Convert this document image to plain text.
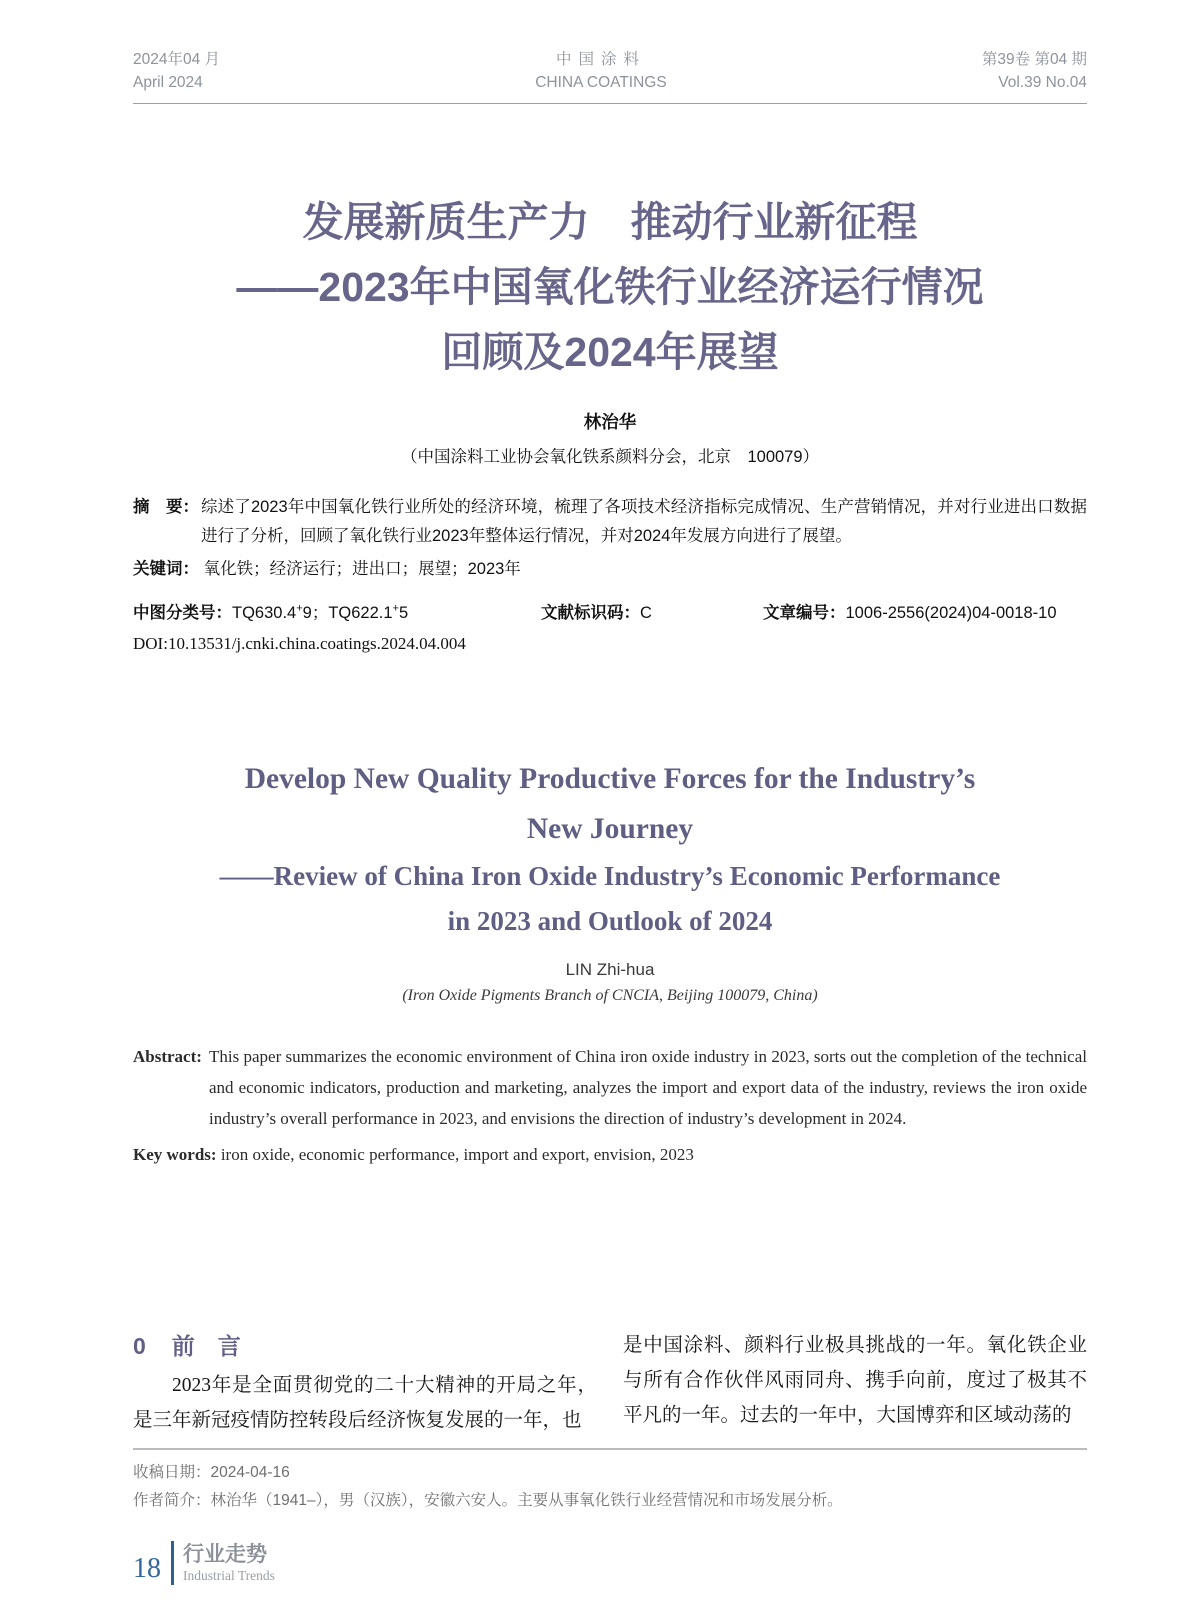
2024年04 月
April 2024
中国涂料
CHINA COATINGS
第39卷 第04 期
Vol.39 No.04
发展新质生产力　推动行业新征程
——2023年中国氧化铁行业经济运行情况
回顾及2024年展望
林治华
（中国涂料工业协会氧化铁系颜料分会，北京　100079）
摘　要： 综述了2023年中国氧化铁行业所处的经济环境，梳理了各项技术经济指标完成情况、生产营销情况，并对行业进出口数据进行了分析，回顾了氧化铁行业2023年整体运行情况，并对2024年发展方向进行了展望。
关键词： 氧化铁；经济运行；进出口；展望；2023年
中图分类号：TQ630.4+9；TQ622.1+5	文献标识码：C	文章编号：1006-2556(2024)04-0018-10
DOI:10.13531/j.cnki.china.coatings.2024.04.004
Develop New Quality Productive Forces for the Industry’s
New Journey
——Review of China Iron Oxide Industry’s Economic Performance
in 2023 and Outlook of 2024
LIN Zhi-hua
(Iron Oxide Pigments Branch of CNCIA, Beijing 100079, China)
Abstract: This paper summarizes the economic environment of China iron oxide industry in 2023, sorts out the completion of the technical and economic indicators, production and marketing, analyzes the import and export data of the industry, reviews the iron oxide industry’s overall performance in 2023, and envisions the direction of industry’s development in 2024.
Key words: iron oxide, economic performance, import and export, envision, 2023
0 前　言

2023年是全面贯彻党的二十大精神的开局之年，是三年新冠疫情防控转段后经济恢复发展的一年，也

是中国涂料、颜料行业极具挑战的一年。氧化铁企业与所有合作伙伴风雨同舟、携手向前，度过了极其不平凡的一年。过去的一年中，大国博弈和区域动荡的

收稿日期：2024-04-16
作者简介：林治华（1941–），男（汉族），安徽六安人。主要从事氧化铁行业经营情况和市场发展分析。
18 行业走势
Industrial Trends
